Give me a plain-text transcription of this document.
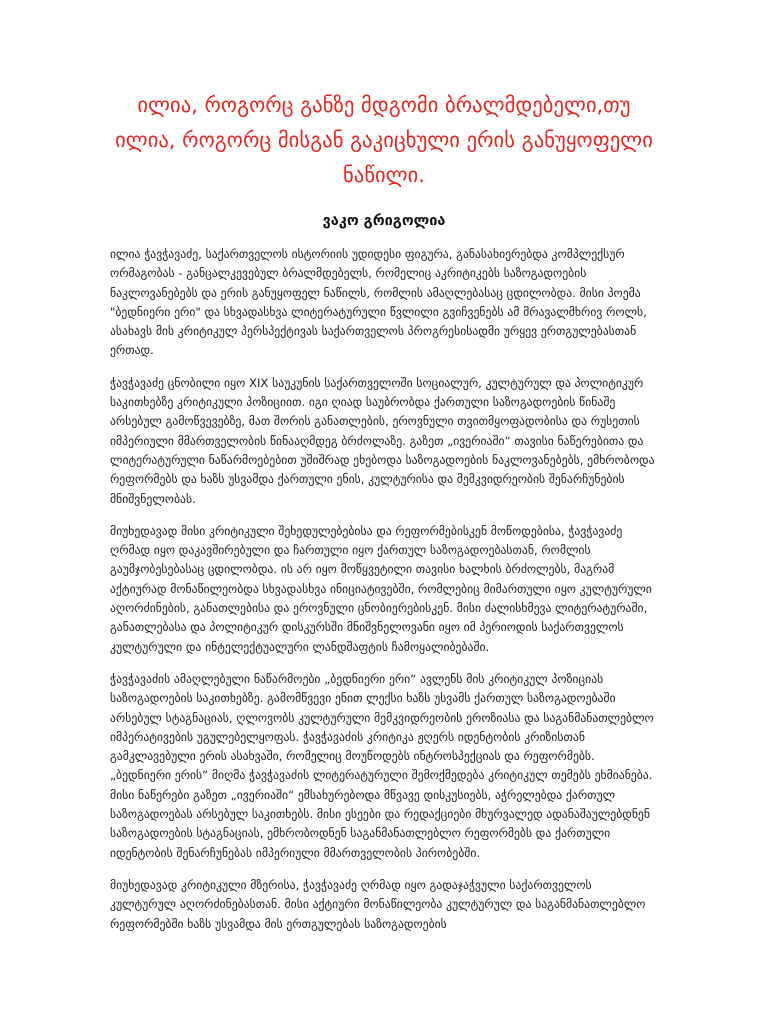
ილია, როგორც განზე მდგომი ბრალმდებელი,თუ ილია, როგორც მისგან გაკიცხული ერის განუყოფელი ნაწილი.
ვაკო გრიგოლია

ილია ჭავჭავაძე, საქართველოს ისტორიის უდიდესი ფიგურა, განასახიერებდა კომპლექსურ ორმაგობას - განცალკევებულ ბრალმდებელს, რომელიც აკრიტიკებს საზოგადოების ნაკლოვანებებს და ერის განუყოფელ ნაწილს, რომლის ამაღლებასაც ცდილობდა. მისი პოემა "ბედნიერი ერი" და სხვადასხვა ლიტერატურული წვლილი გვიჩვენებს ამ მრავალმხრივ როლს, ასახავს მის კრიტიკულ პერსპექტივას საქართველოს პროგრესისადმი ურყევ ერთგულებასთან ერთად.

ჭავჭავაძე ცნობილი იყო XIX საუკუნის საქართველოში სოციალურ, კულტურულ და პოლიტიკურ საკითხებზე კრიტიკული პოზიციით. იგი ღიად საუბრობდა ქართული საზოგადოების წინაშე არსებულ გამოწვევებზე, მათ შორის განათლების, ეროვნული თვითმყოფადობისა და რუსეთის იმპერიული მმართველობის წინააღმდეგ ბრძოლაზე. გაზეთ „ივერიაში“ თავისი ნაწერებითა და ლიტერატურული ნაწარმოებებით უშიშრად ეხებოდა საზოგადოების ნაკლოვანებებს, ემხრობოდა რეფორმებს და ხაზს უსვამდა ქართული ენის, კულტურისა და მემკვიდრეობის შენარჩუნების მნიშვნელობას.

მიუხედავად მისი კრიტიკული შეხედულებებისა და რეფორმებისკენ მოწოდებისა, ჭავჭავაძე ღრმად იყო დაკავშირებული და ჩართული იყო ქართულ საზოგადოებასთან, რომლის გაუმჯობესებასაც ცდილობდა. ის არ იყო მოწყვეტილი თავისი ხალხის ბრძოლებს, მაგრამ აქტიურად მონაწილეობდა სხვადასხვა ინიციატივებში, რომლებიც მიმართული იყო კულტურული აღორძინების, განათლებისა და ეროვნული ცნობიერებისკენ. მისი ძალისხმევა ლიტერატურაში, განათლებასა და პოლიტიკურ დისკურსში მნიშვნელოვანი იყო იმ პერიოდის საქართველოს კულტურული და ინტელექტუალური ლანდშაფტის ჩამოყალიბებაში.

ჭავჭავაძის ამაღლებული ნაწარმოები „ბედნიერი ერი“ ავლენს მის კრიტიკულ პოზიციას საზოგადოების საკითხებზე. გამომწვევი ენით ლექსი ხაზს უსვამს ქართულ საზოგადოებაში არსებულ სტაგნაციას, ღლოვობს კულტურული მემკვიდრეობის ეროზიასა და საგანმანათლებლო იმპერატივების უგულებელყოფას. ჭავჭავაძის კრიტიკა ჟღერს იდენტობის კრიზისთან გამკლავებული ერის ასახვაში, რომელიც მოუწოდებს ინტროსპექციას და რეფორმებს. „ბედნიერი ერის“ მიღმა ჭავჭავაძის ლიტერატურული შემოქმედება კრიტიკულ თემებს ეხმიანება. მისი ნაწერები გაზეთ „ივერიაში“ ემსახურებოდა მწვავე დისკუსიებს, აჭრელებდა ქართულ საზოგადოებას არსებულ საკითხებს. მისი ესეები და რედაქციები მხურვალედ ადანაშაულებდნენ საზოგადოების სტაგნაციას, ემხრობოდნენ საგანმანათლებლო რეფორმებს და ქართული იდენტობის შენარჩუნებას იმპერიული მმართველობის პირობებში.

მიუხედავად კრიტიკული მზერისა, ჭავჭავაძე ღრმად იყო გადაჯაჭვული საქართველოს კულტურულ აღორძინებასთან. მისი აქტიური მონაწილეობა კულტურულ და საგანმანათლებლო რეფორმებში ხაზს უსვამდა მის ერთგულებას საზოგადოების
